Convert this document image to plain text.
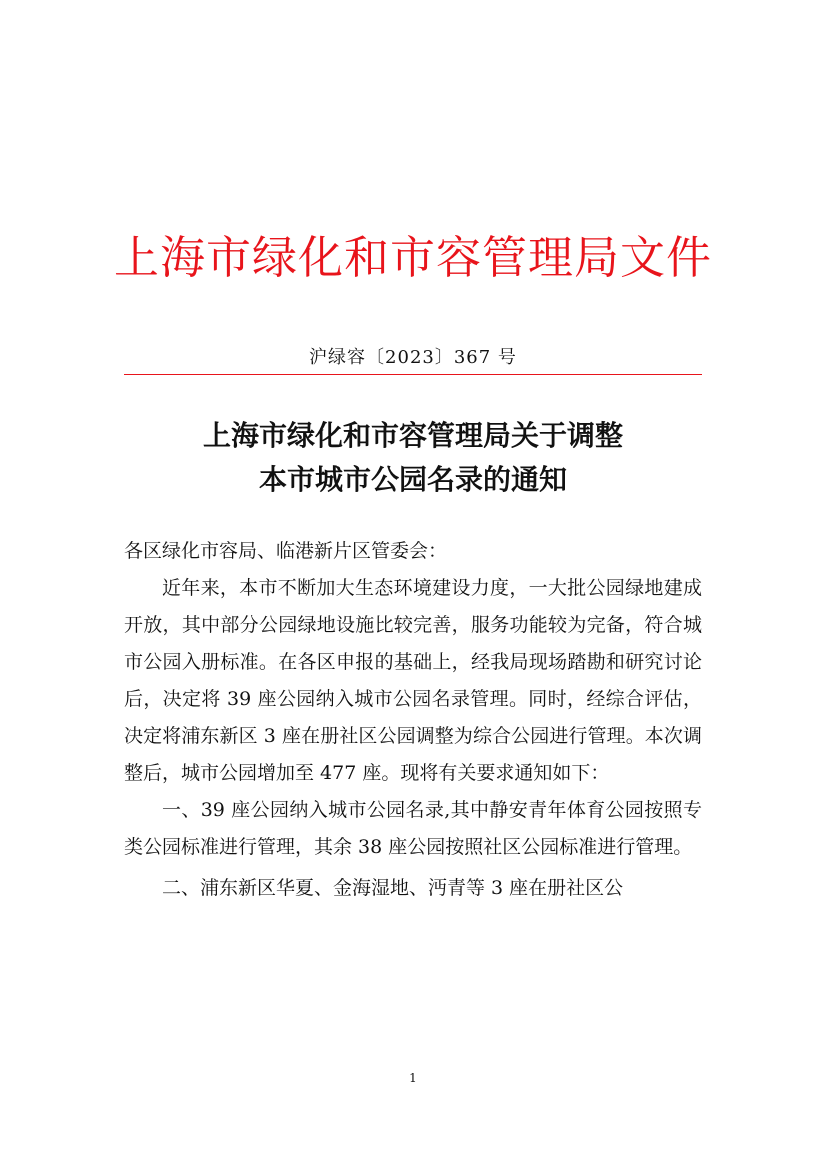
上海市绿化和市容管理局文件
沪绿容〔2023〕367 号
上海市绿化和市容管理局关于调整
本市城市公园名录的通知

各区绿化市容局、临港新片区管委会：

近年来，本市不断加大生态环境建设力度，一大批公园绿地建成开放，其中部分公园绿地设施比较完善，服务功能较为完备，符合城市公园入册标准。在各区申报的基础上，经我局现场踏勘和研究讨论后，决定将 39 座公园纳入城市公园名录管理。同时，经综合评估，决定将浦东新区 3 座在册社区公园调整为综合公园进行管理。本次调整后，城市公园增加至 477 座。现将有关要求通知如下：

一、39 座公园纳入城市公园名录,其中静安青年体育公园按照专类公园标准进行管理，其余 38 座公园按照社区公园标准进行管理。

二、浦东新区华夏、金海湿地、沔青等 3 座在册社区公

1
